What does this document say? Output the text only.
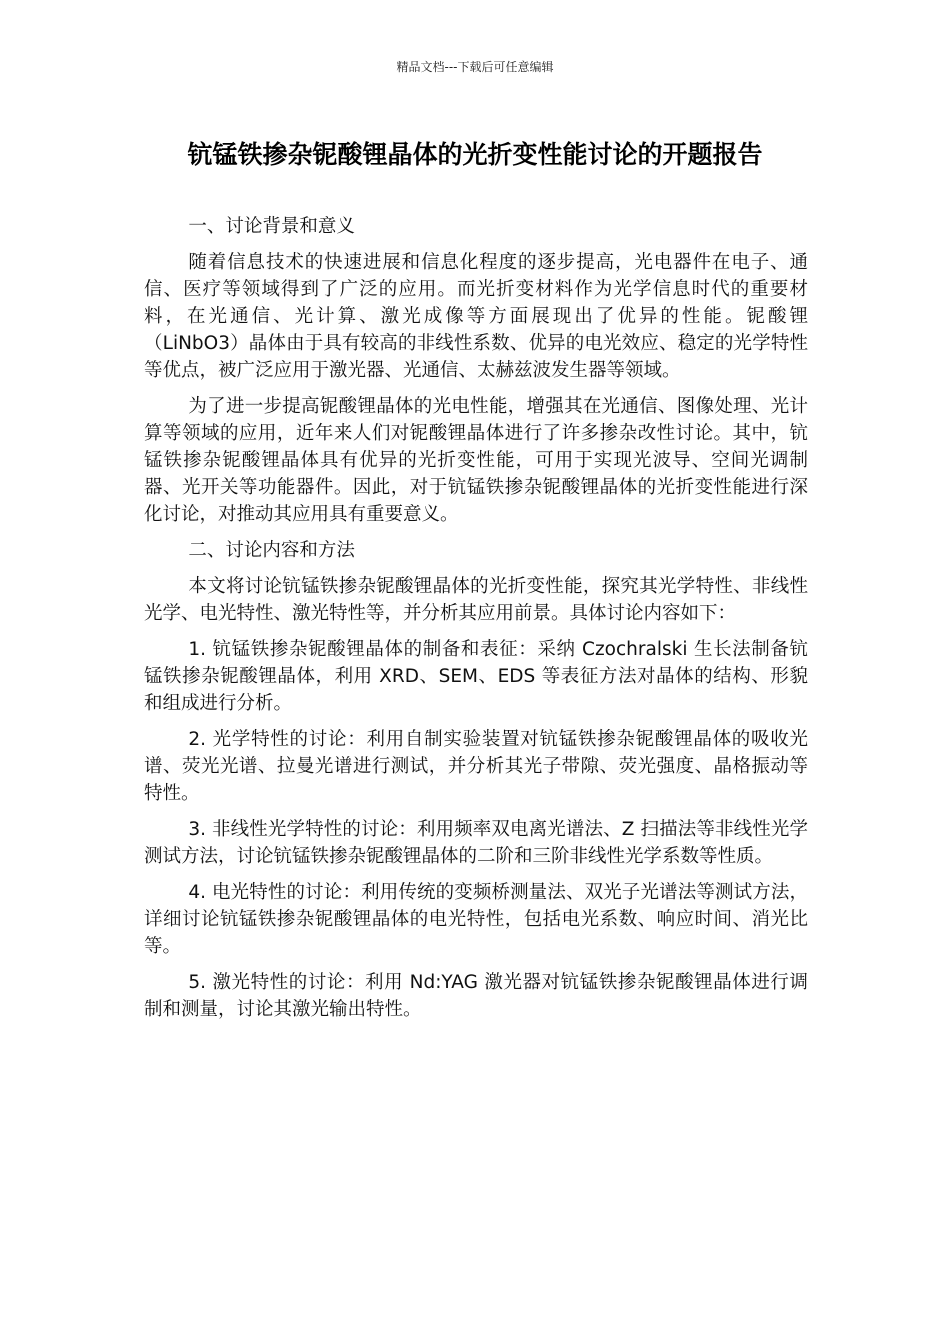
精品文档---下载后可任意编辑
钪锰铁掺杂铌酸锂晶体的光折变性能讨论的开题报告

一、讨论背景和意义

随着信息技术的快速进展和信息化程度的逐步提高，光电器件在电子、通信、医疗等领域得到了广泛的应用。而光折变材料作为光学信息时代的重要材料，在光通信、光计算、激光成像等方面展现出了优异的性能。铌酸锂（LiNbO3）晶体由于具有较高的非线性系数、优异的电光效应、稳定的光学特性等优点，被广泛应用于激光器、光通信、太赫兹波发生器等领域。

为了进一步提高铌酸锂晶体的光电性能，增强其在光通信、图像处理、光计算等领域的应用，近年来人们对铌酸锂晶体进行了许多掺杂改性讨论。其中，钪锰铁掺杂铌酸锂晶体具有优异的光折变性能，可用于实现光波导、空间光调制器、光开关等功能器件。因此，对于钪锰铁掺杂铌酸锂晶体的光折变性能进行深化讨论，对推动其应用具有重要意义。

二、讨论内容和方法

本文将讨论钪锰铁掺杂铌酸锂晶体的光折变性能，探究其光学特性、非线性光学、电光特性、激光特性等，并分析其应用前景。具体讨论内容如下：

1. 钪锰铁掺杂铌酸锂晶体的制备和表征：采纳 Czochralski 生长法制备钪锰铁掺杂铌酸锂晶体，利用 XRD、SEM、EDS 等表征方法对晶体的结构、形貌和组成进行分析。

2. 光学特性的讨论：利用自制实验装置对钪锰铁掺杂铌酸锂晶体的吸收光谱、荧光光谱、拉曼光谱进行测试，并分析其光子带隙、荧光强度、晶格振动等特性。

3. 非线性光学特性的讨论：利用频率双电离光谱法、Z 扫描法等非线性光学测试方法，讨论钪锰铁掺杂铌酸锂晶体的二阶和三阶非线性光学系数等性质。

4. 电光特性的讨论：利用传统的变频桥测量法、双光子光谱法等测试方法，详细讨论钪锰铁掺杂铌酸锂晶体的电光特性，包括电光系数、响应时间、消光比等。

5. 激光特性的讨论：利用 Nd:YAG 激光器对钪锰铁掺杂铌酸锂晶体进行调制和测量，讨论其激光输出特性。
